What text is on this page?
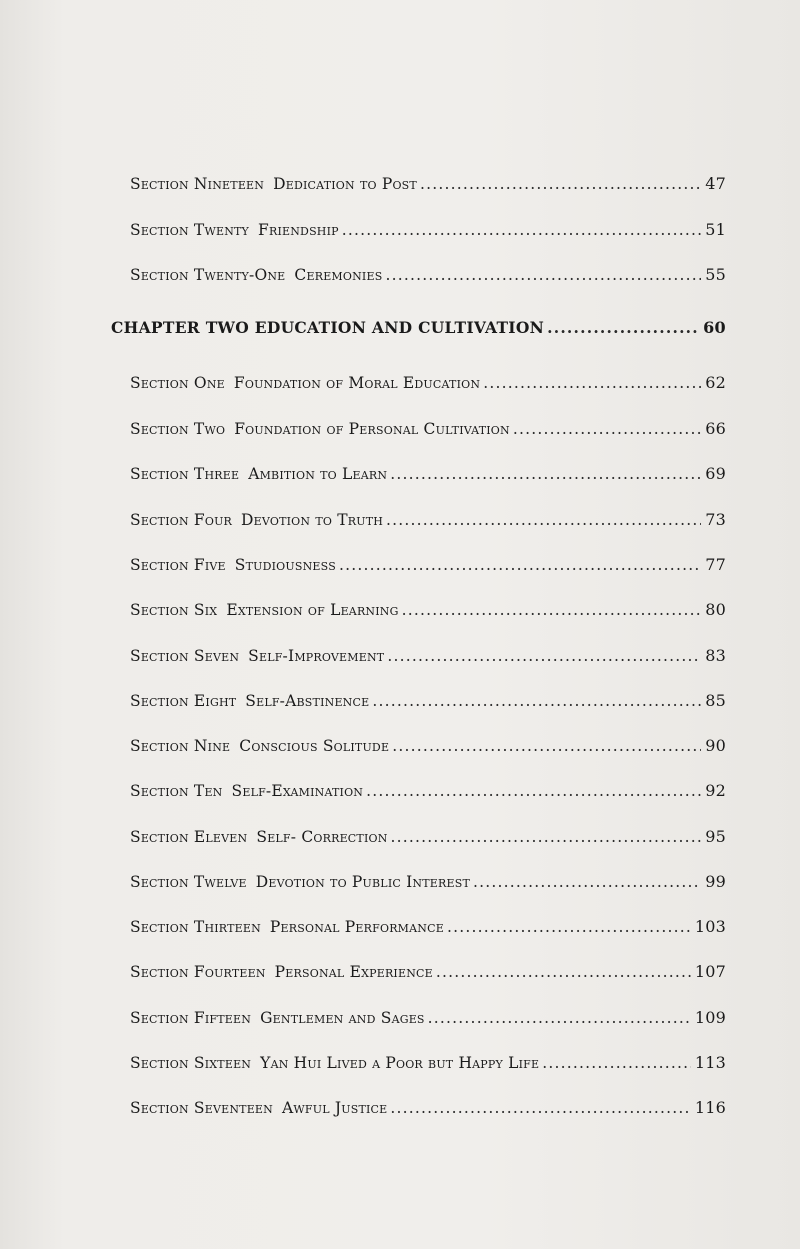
Section Nineteen Dedication to Post .....	47
Section Twenty Friendship .....	51
Section Twenty-One Ceremonies .....	55
CHAPTER TWO EDUCATION AND CULTIVATION .....	60
Section One Foundation of Moral Education .....	62
Section Two Foundation of Personal Cultivation .....	66
Section Three Ambition to Learn .....	69
Section Four Devotion to Truth .....	73
Section Five Studiousness .....	77
Section Six Extension of Learning .....	80
Section Seven Self-Improvement .....	83
Section Eight Self-Abstinence .....	85
Section Nine Conscious Solitude .....	90
Section Ten Self-Examination .....	92
Section Eleven Self- Correction .....	95
Section Twelve Devotion to Public Interest .....	99
Section Thirteen Personal Performance .....	103
Section Fourteen Personal Experience .....	107
Section Fifteen Gentlemen and Sages .....	109
Section Sixteen Yan Hui Lived a Poor but Happy Life .....	113
Section Seventeen Awful Justice .....	116
